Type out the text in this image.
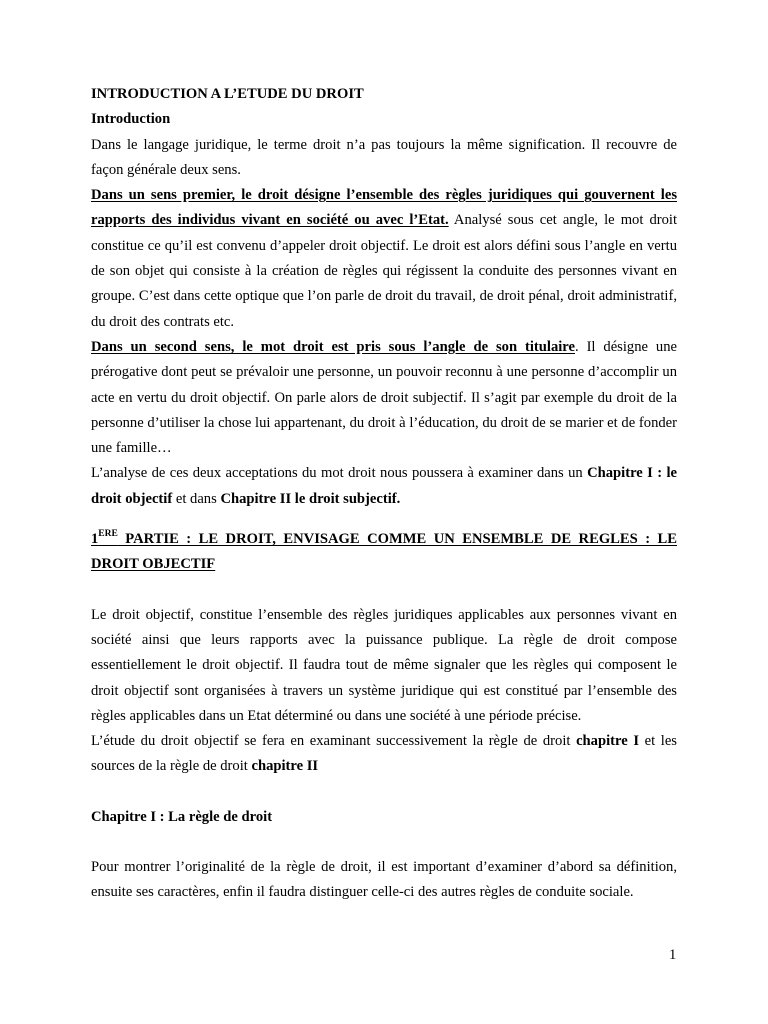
INTRODUCTION A L’ETUDE DU DROIT

Introduction

Dans le langage juridique, le terme droit n’a pas toujours la même signification. Il recouvre de façon générale deux sens.

Dans un sens premier, le droit désigne l’ensemble des règles juridiques qui gouvernent les rapports des individus vivant en société ou avec l’Etat. Analysé sous cet angle, le mot droit constitue ce qu’il est convenu d’appeler droit objectif. Le droit est alors défini sous l’angle en vertu de son objet qui consiste à la création de règles qui régissent la conduite des personnes vivant en groupe. C’est dans cette optique que l’on parle de droit du travail, de droit pénal, droit administratif, du droit des contrats etc.

Dans un second sens, le mot droit est pris sous l’angle de son titulaire. Il désigne une prérogative dont peut se prévaloir une personne, un pouvoir reconnu à une personne d’accomplir un acte en vertu du droit objectif. On parle alors de droit subjectif. Il s’agit par exemple du droit de la personne d’utiliser la chose lui appartenant, du droit à l’éducation, du droit de se marier et de fonder une famille…

L’analyse de ces deux acceptations du mot droit nous poussera à examiner dans un Chapitre I : le droit objectif et dans Chapitre II le droit subjectif.

1ERE PARTIE : LE DROIT, ENVISAGE COMME UN ENSEMBLE DE REGLES : LE DROIT OBJECTIF

Le droit objectif, constitue l’ensemble des règles juridiques applicables aux personnes vivant en société ainsi que leurs rapports avec la puissance publique. La règle de droit compose essentiellement le droit objectif. Il faudra tout de même signaler que les règles qui composent le droit objectif sont organisées à travers un système juridique qui est constitué par l’ensemble des règles applicables dans un Etat déterminé ou dans une société à une période précise.

L’étude du droit objectif se fera en examinant successivement la règle de droit chapitre I et les sources de la règle de droit chapitre II

Chapitre I : La règle de droit

Pour montrer l’originalité de la règle de droit, il est important d’examiner d’abord sa définition, ensuite ses caractères, enfin il faudra distinguer celle-ci des autres règles de conduite sociale.

1
